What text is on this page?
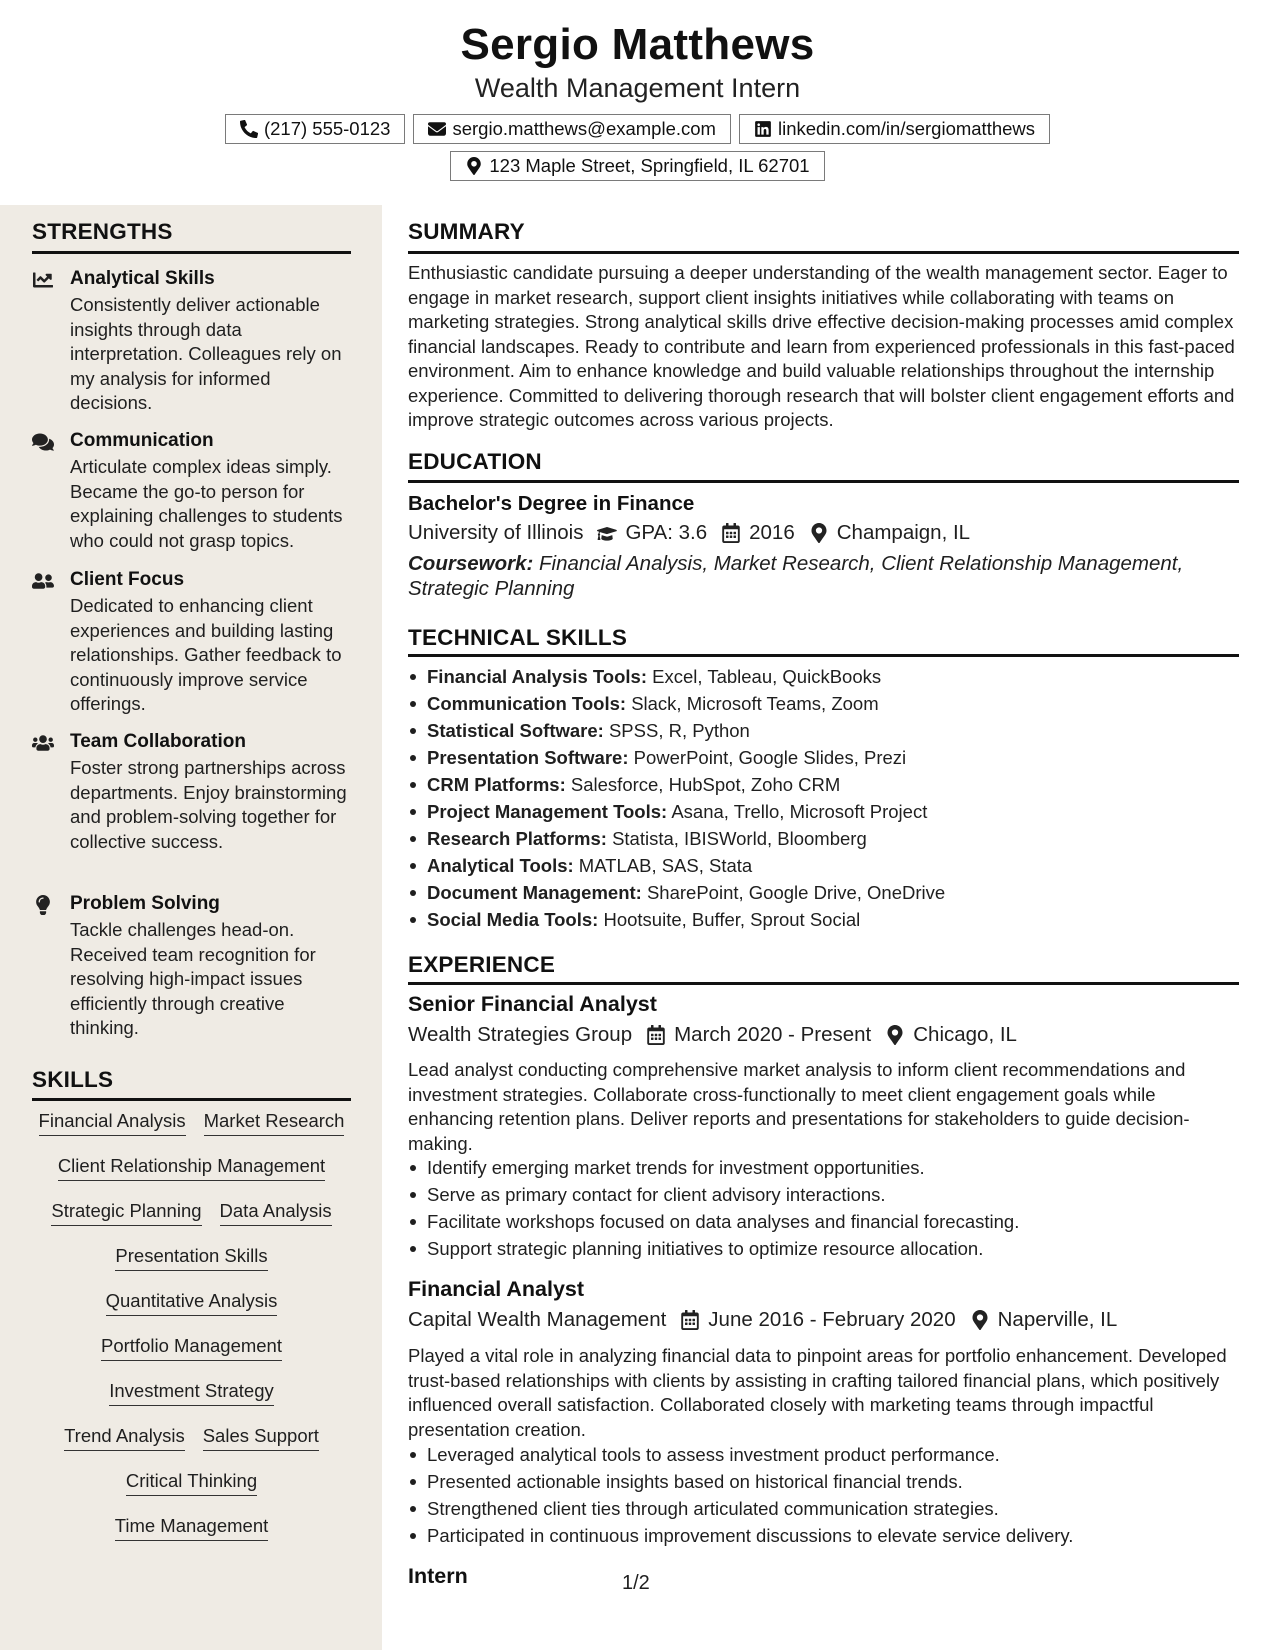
Sergio Matthews
Wealth Management Intern
(217) 555-0123	sergio.matthews@example.com	linkedin.com/in/sergiomatthews
123 Maple Street, Springfield, IL 62701
STRENGTHS
Analytical Skills
Consistently deliver actionable insights through data interpretation. Colleagues rely on my analysis for informed decisions.
Communication
Articulate complex ideas simply. Became the go-to person for explaining challenges to students who could not grasp topics.
Client Focus
Dedicated to enhancing client experiences and building lasting relationships. Gather feedback to continuously improve service offerings.
Team Collaboration
Foster strong partnerships across departments. Enjoy brainstorming and problem-solving together for collective success.
Problem Solving
Tackle challenges head-on. Received team recognition for resolving high-impact issues efficiently through creative thinking.
SKILLS
Financial Analysis Market Research
Client Relationship Management
Strategic Planning Data Analysis
Presentation Skills
Quantitative Analysis
Portfolio Management
Investment Strategy
Trend Analysis Sales Support
Critical Thinking
Time Management
SUMMARY
Enthusiastic candidate pursuing a deeper understanding of the wealth management sector. Eager to engage in market research, support client insights initiatives while collaborating with teams on marketing strategies. Strong analytical skills drive effective decision-making processes amid complex financial landscapes. Ready to contribute and learn from experienced professionals in this fast-paced environment. Aim to enhance knowledge and build valuable relationships throughout the internship experience. Committed to delivering thorough research that will bolster client engagement efforts and improve strategic outcomes across various projects.
EDUCATION
Bachelor's Degree in Finance
University of Illinois GPA: 3.6 2016 Champaign, IL
Coursework: Financial Analysis, Market Research, Client Relationship Management, Strategic Planning
TECHNICAL SKILLS
Financial Analysis Tools: Excel, Tableau, QuickBooks
Communication Tools: Slack, Microsoft Teams, Zoom
Statistical Software: SPSS, R, Python
Presentation Software: PowerPoint, Google Slides, Prezi
CRM Platforms: Salesforce, HubSpot, Zoho CRM
Project Management Tools: Asana, Trello, Microsoft Project
Research Platforms: Statista, IBISWorld, Bloomberg
Analytical Tools: MATLAB, SAS, Stata
Document Management: SharePoint, Google Drive, OneDrive
Social Media Tools: Hootsuite, Buffer, Sprout Social
EXPERIENCE
Senior Financial Analyst
Wealth Strategies Group March 2020 - Present Chicago, IL
Lead analyst conducting comprehensive market analysis to inform client recommendations and investment strategies. Collaborate cross-functionally to meet client engagement goals while enhancing retention plans. Deliver reports and presentations for stakeholders to guide decision-making.
Identify emerging market trends for investment opportunities.
Serve as primary contact for client advisory interactions.
Facilitate workshops focused on data analyses and financial forecasting.
Support strategic planning initiatives to optimize resource allocation.
Financial Analyst
Capital Wealth Management June 2016 - February 2020 Naperville, IL
Played a vital role in analyzing financial data to pinpoint areas for portfolio enhancement. Developed trust-based relationships with clients by assisting in crafting tailored financial plans, which positively influenced overall satisfaction. Collaborated closely with marketing teams through impactful presentation creation.
Leveraged analytical tools to assess investment product performance.
Presented actionable insights based on historical financial trends.
Strengthened client ties through articulated communication strategies.
Participated in continuous improvement discussions to elevate service delivery.
Intern	1/2
